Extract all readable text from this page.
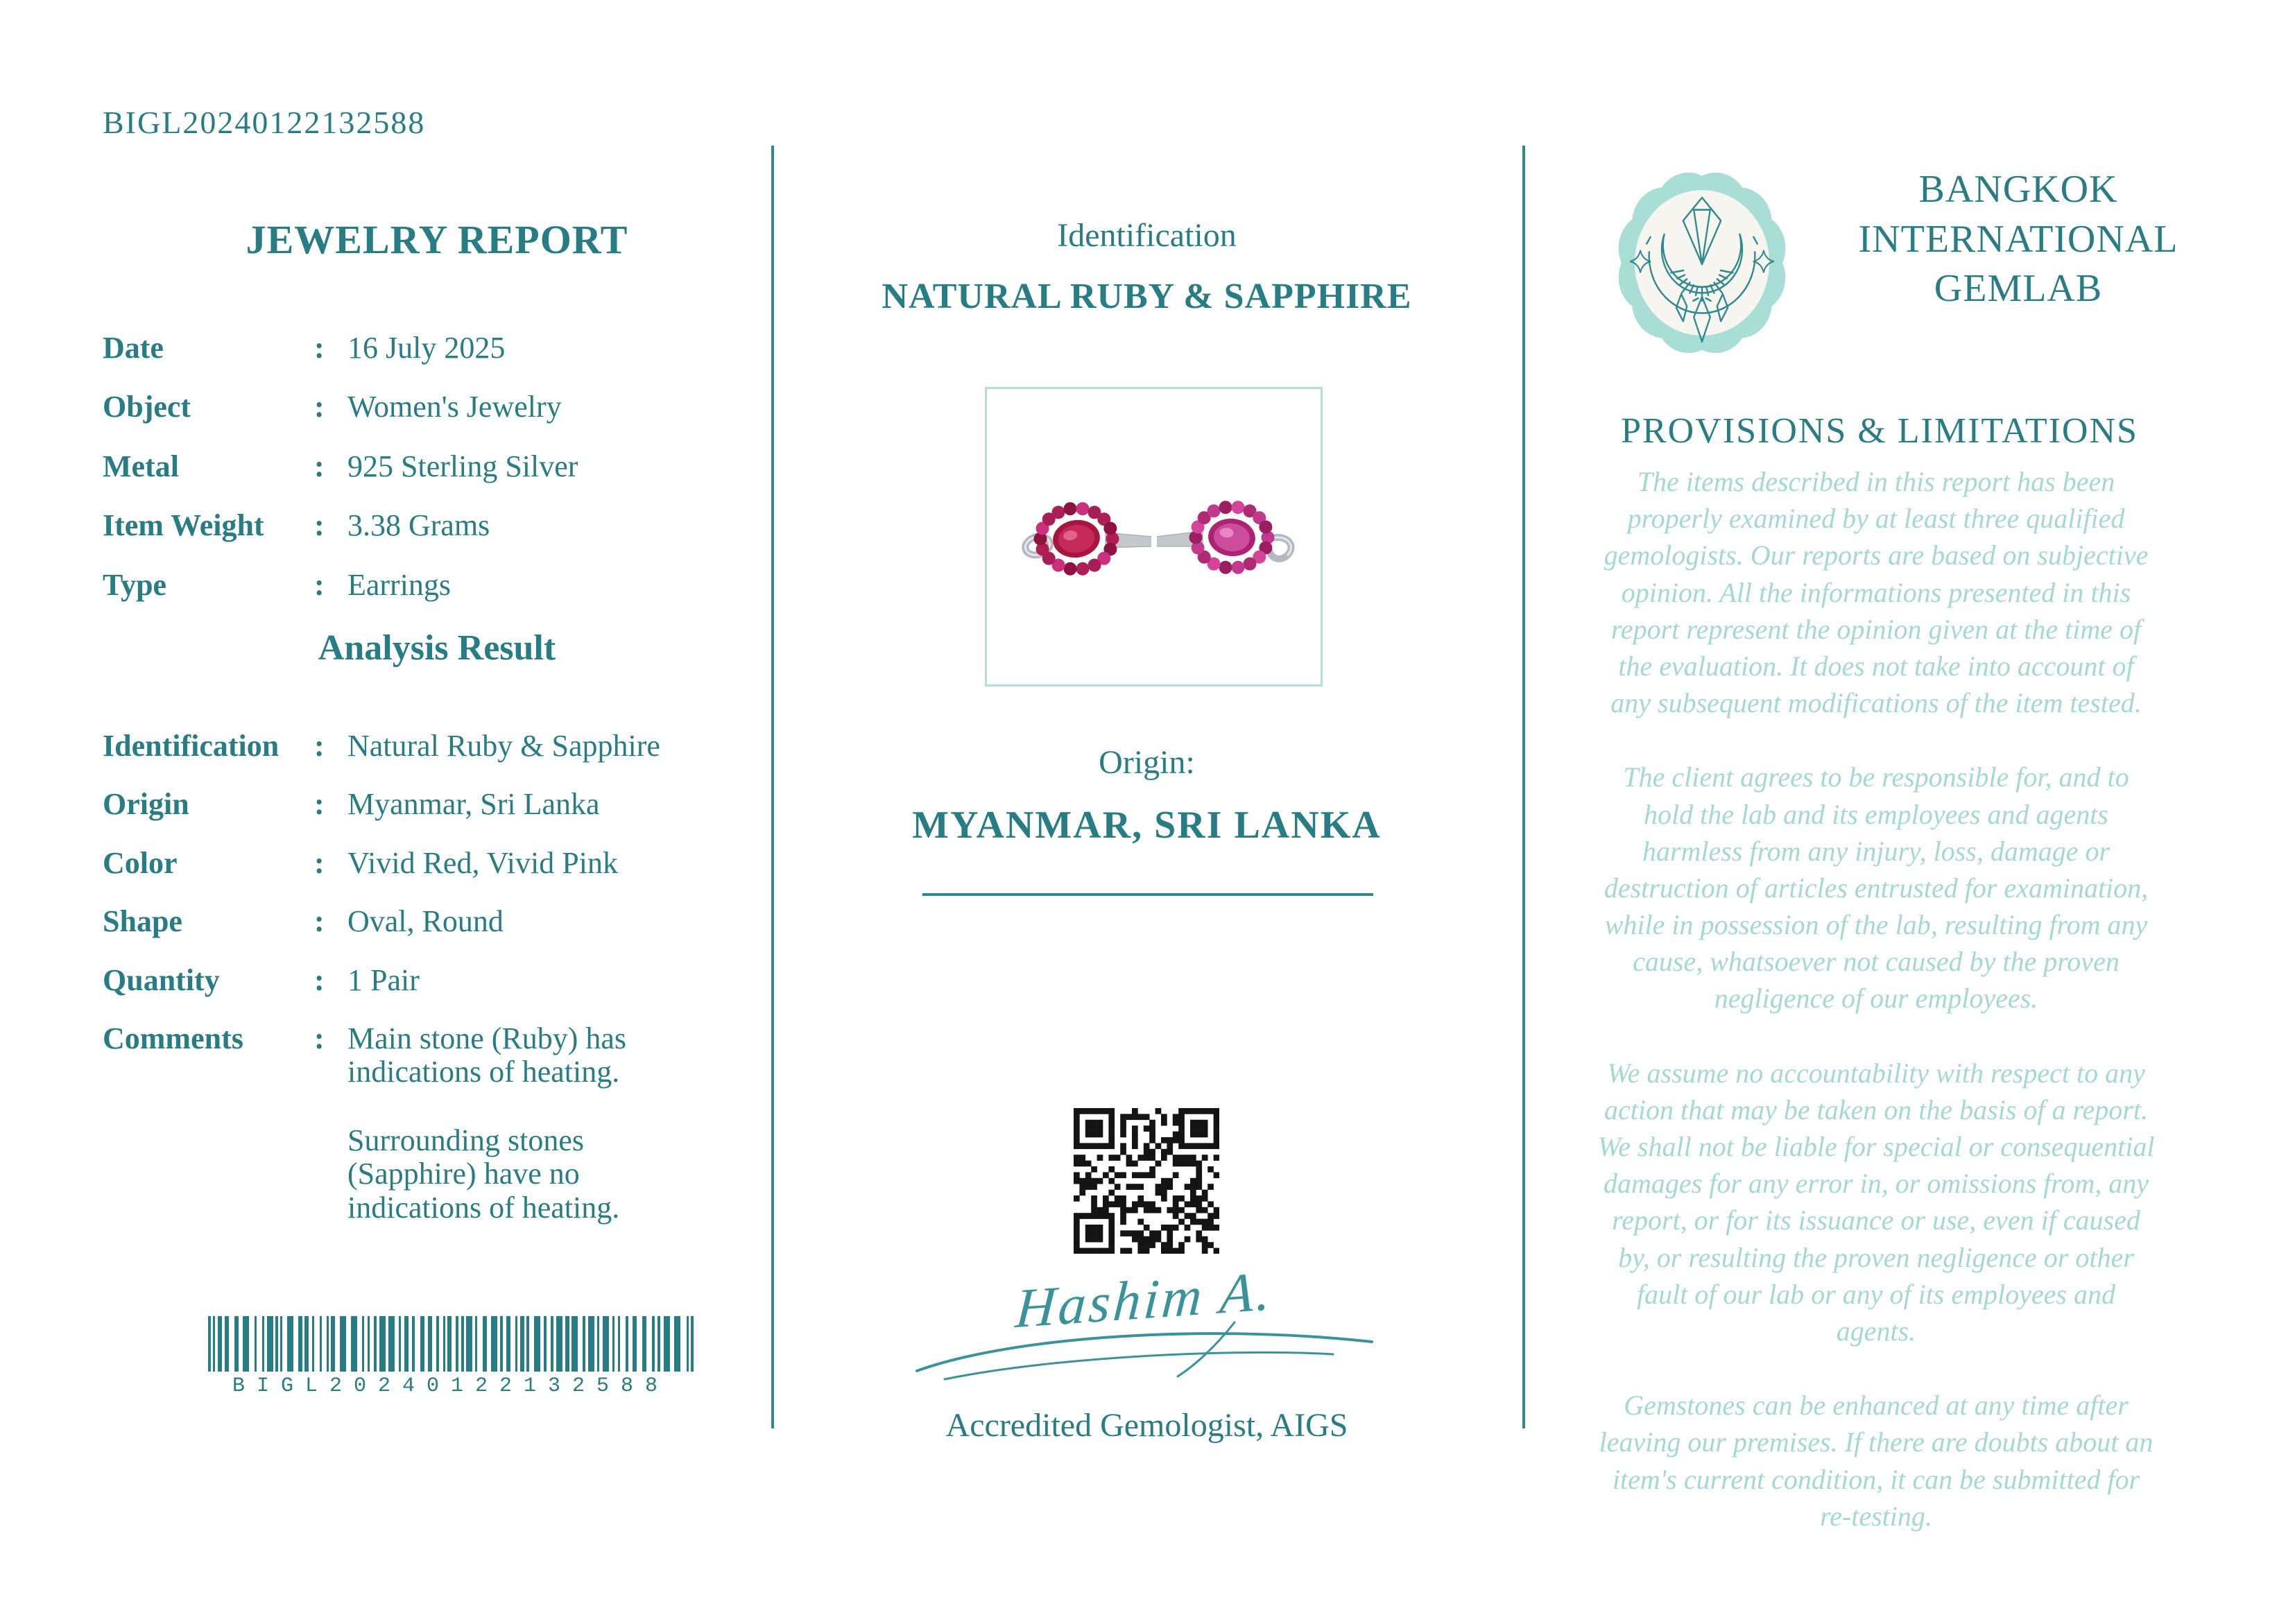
BIGL20240122132588
JEWELRY REPORT
Date	: 16 July 2025
Object	: Women's Jewelry
Metal	: 925 Sterling Silver
Item Weight	: 3.38 Grams
Type	: Earrings
Analysis Result
Identification	: Natural Ruby & Sapphire
Origin	: Myanmar, Sri Lanka
Color	: Vivid Red, Vivid Pink
Shape	: Oval, Round
Quantity	: 1 Pair
Comments	: Main stone (Ruby) has indications of heating.
Surrounding stones (Sapphire) have no indications of heating.
BIGL20240122132588
Identification
NATURAL RUBY & SAPPHIRE
Origin:
MYANMAR, SRI LANKA
Hashim A.
Accredited Gemologist, AIGS
BANGKOK INTERNATIONAL GEMLAB
PROVISIONS & LIMITATIONS

The items described in this report has been properly examined by at least three qualified gemologists. Our reports are based on subjective opinion. All the informations presented in this report represent the opinion given at the time of the evaluation. It does not take into account of any subsequent modifications of the item tested.

The client agrees to be responsible for, and to hold the lab and its employees and agents harmless from any injury, loss, damage or destruction of articles entrusted for examination, while in possession of the lab, resulting from any cause, whatsoever not caused by the proven negligence of our employees.

We assume no accountability with respect to any action that may be taken on the basis of a report. We shall not be liable for special or consequential damages for any error in, or omissions from, any report, or for its issuance or use, even if caused by, or resulting the proven negligence or other fault of our lab or any of its employees and agents.

Gemstones can be enhanced at any time after leaving our premises. If there are doubts about an item's current condition, it can be submitted for re-testing.
